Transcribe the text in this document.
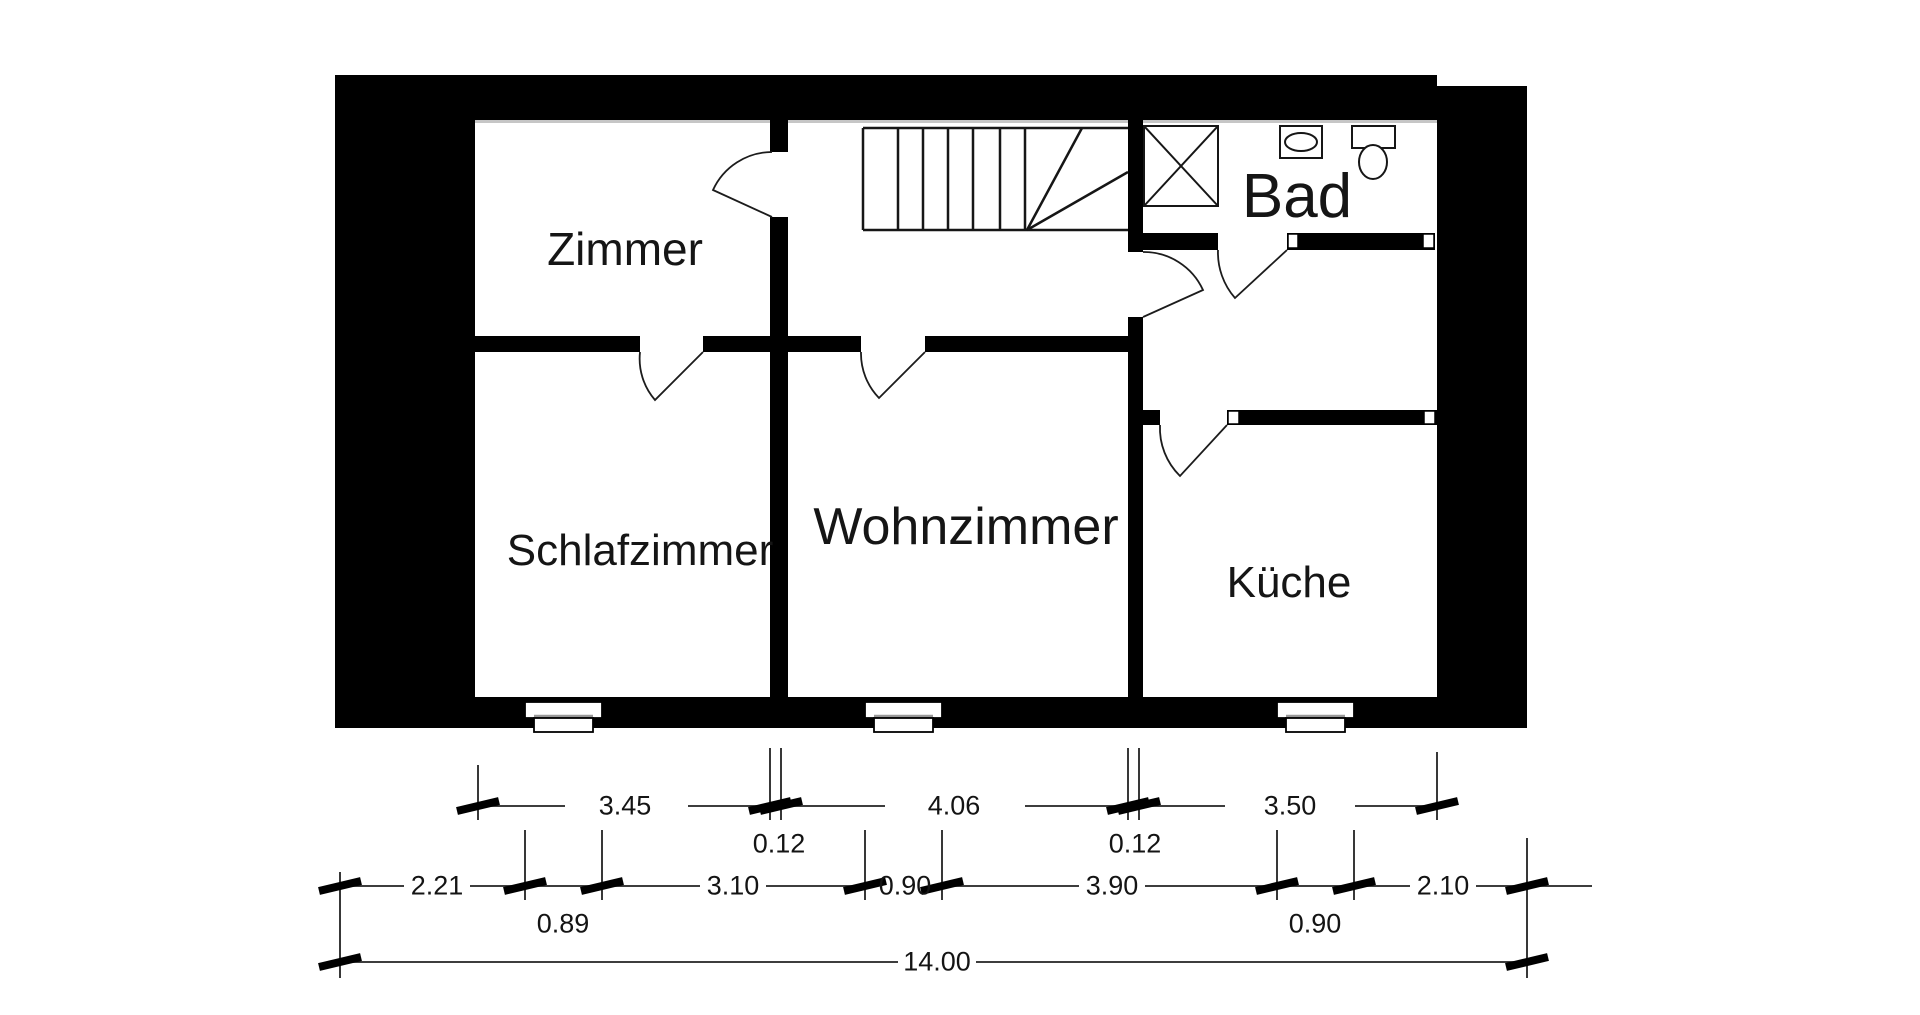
Zimmer
Schlafzimmer Wohnzimmer
Küche
Bad
3.45
0.12
4.06
0.12
3.50
2.21	3.10	0.90	3.90	2.10
0.89	0.90
14.00
